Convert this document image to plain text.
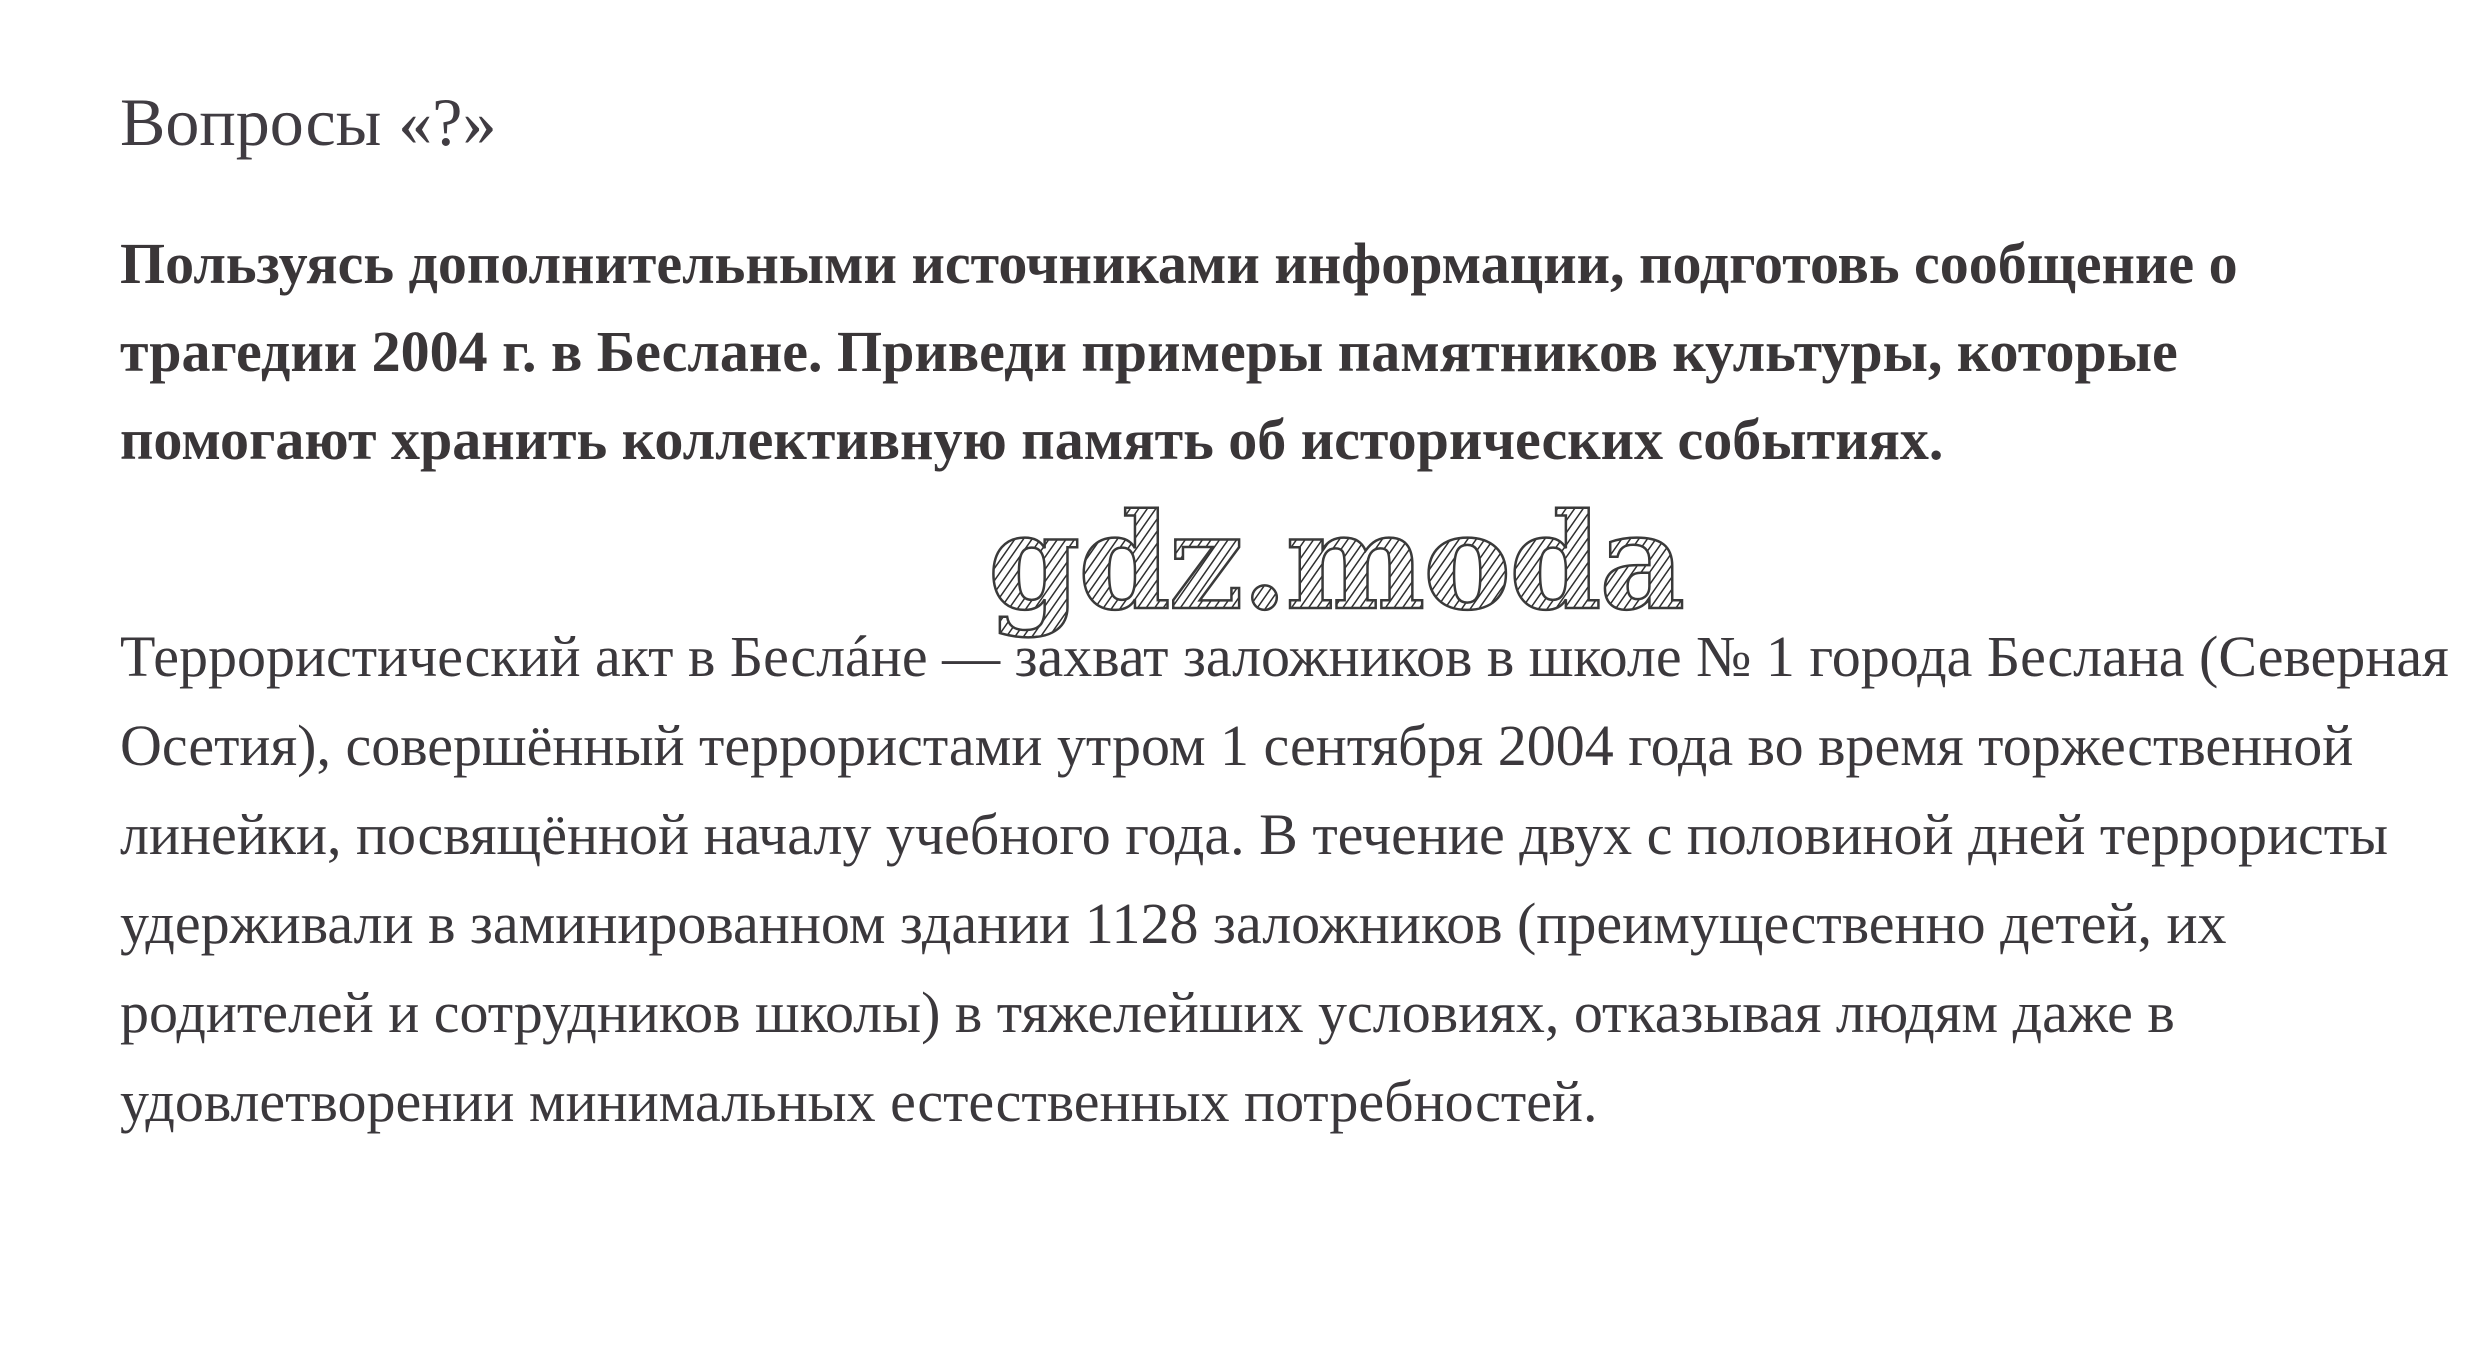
Вопросы «?»

Пользуясь дополнительными источниками информации, подготовь сообщение о трагедии 2004 г. в Беслане. Приведи примеры памятников культуры, которые помогают хранить коллективную память об исторических событиях.

Террористический акт в Беслáне — захват заложников в школе № 1 города Беслана (Северная Осетия), совершённый террористами утром 1 сентября 2004 года во время торжественной линейки, посвящённой началу учебного года. В течение двух с половиной дней террористы удерживали в заминированном здании 1128 заложников (преимущественно детей, их родителей и сотрудников школы) в тяжелейших условиях, отказывая людям даже в удовлетворении минимальных естественных потребностей.

gdz.moda
